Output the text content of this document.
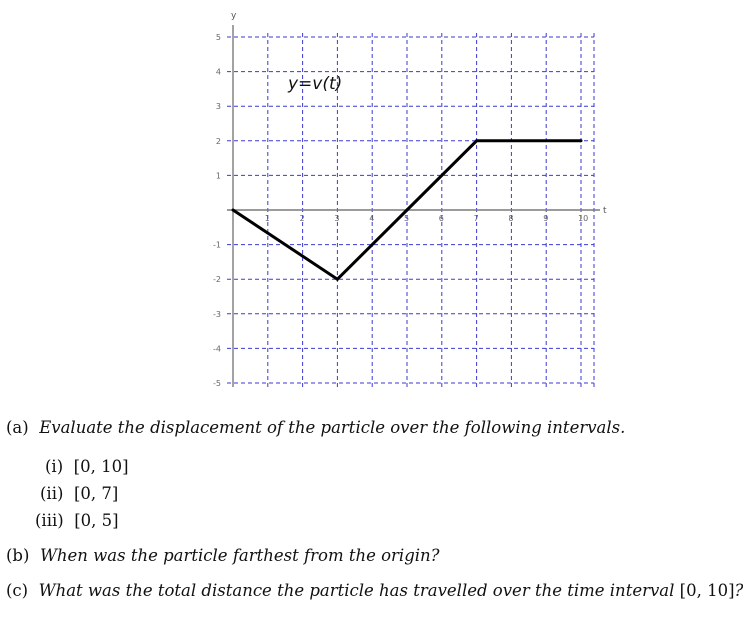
1	2	3	4	5	6	7	8	9	10
5
4
3
2
1
-1
-2
-3
-4
-5
t
y
y=v(t)
(a) Evaluate the displacement of the particle over the following intervals.
(i) [0, 10]
(ii) [0, 7]
(iii) [0, 5]
(b) When was the particle farthest from the origin?
(c) What was the total distance the particle has travelled over the time interval [0, 10]?
